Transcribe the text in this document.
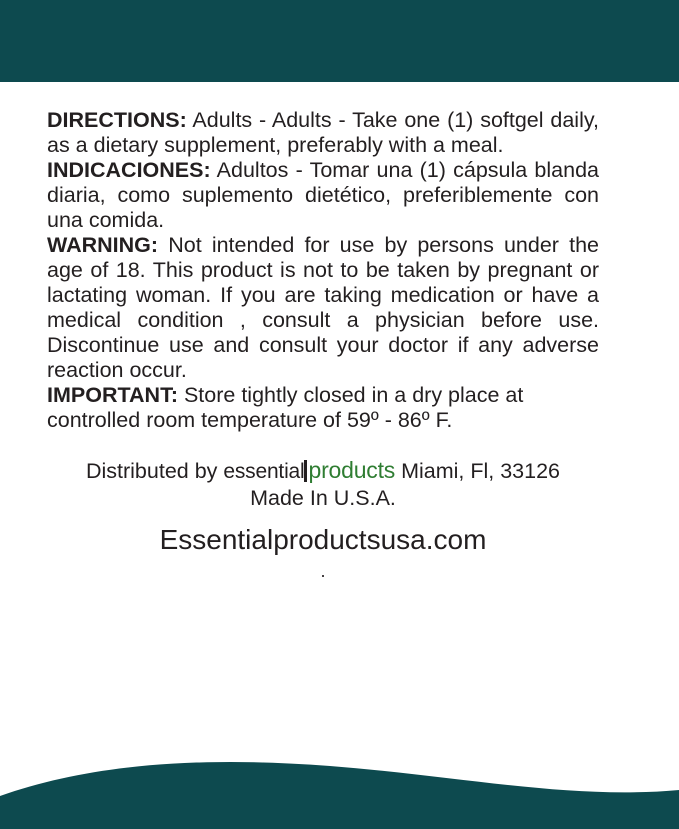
DIRECTIONS: Adults - Adults - Take one (1) softgel daily, as a dietary supplement, preferably with a meal.

INDICACIONES: Adultos - Tomar una (1) cápsula blanda diaria, como suplemento dietético, preferiblemente con una comida.

WARNING: Not intended for use by persons under the age of 18. This product is not to be taken by pregnant or lactating woman. If you are taking medication or have a medical condition , consult a physician before use. Discontinue use and consult your doctor if any adverse reaction occur.

IMPORTANT: Store tightly closed in a dry place at controlled room temperature of 59º - 86º F.

Distributed by essential products Miami, Fl, 33126
Made In U.S.A.
Essentialproductsusa.com
.
